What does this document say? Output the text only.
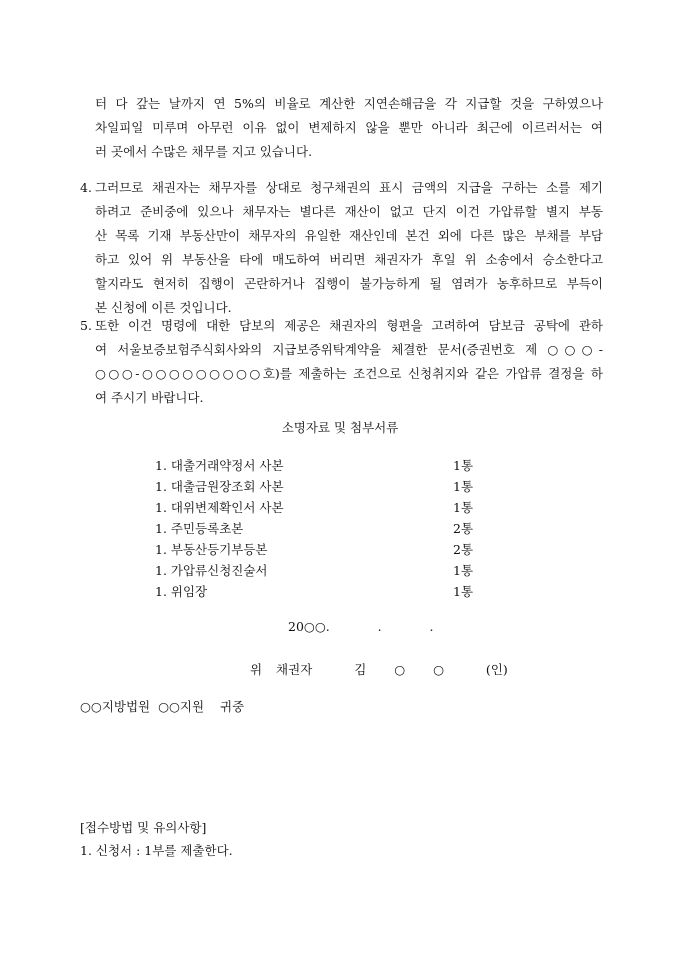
터 다 갚는 날까지 연 5%의 비율로 계산한 지연손해금을 각 지급할 것을 구하였으나
차일피일 미루며 아무런 이유 없이 변제하지 않을 뿐만 아니라 최근에 이르러서는 여
러 곳에서 수많은 채무를 지고 있습니다.
4. 그러므로 채권자는 채무자를 상대로 청구채권의 표시 금액의 지급을 구하는 소를 제기
하려고 준비중에 있으나 채무자는 별다른 재산이 없고 단지 이건 가압류할 별지 부동
산 목록 기재 부동산만이 채무자의 유일한 재산인데 본건 외에 다른 많은 부채를 부담
하고 있어 위 부동산을 타에 매도하여 버리면 채권자가 후일 위 소송에서 승소한다고
할지라도 현저히 집행이 곤란하거나 집행이 불가능하게 될 염려가 농후하므로 부득이
본 신청에 이른 것입니다.
5. 또한 이건 명령에 대한 담보의 제공은 채권자의 형편을 고려하여 담보금 공탁에 관하
여 서울보증보험주식회사와의 지급보증위탁계약을 체결한 문서(증권번호 제 ○○○-
○○○-○○○○○○○○○호)를 제출하는 조건으로 신청취지와 같은 가압류 결정을 하
여 주시기 바랍니다.
소명자료 및 첨부서류
1. 대출거래약정서 사본	1통
1. 대출금원장조회 사본	1통
1. 대위변제확인서 사본	1통
1. 주민등록초본	2통
1. 부동산등기부등본	2통
1. 가압류신청진술서	1통
1. 위임장	1통
20○○.   .   .
위 채권자   김  ○  ○   (인)
○○지방법원 ○○지원  귀중
[접수방법 및 유의사항]
1. 신청서 : 1부를 제출한다.
